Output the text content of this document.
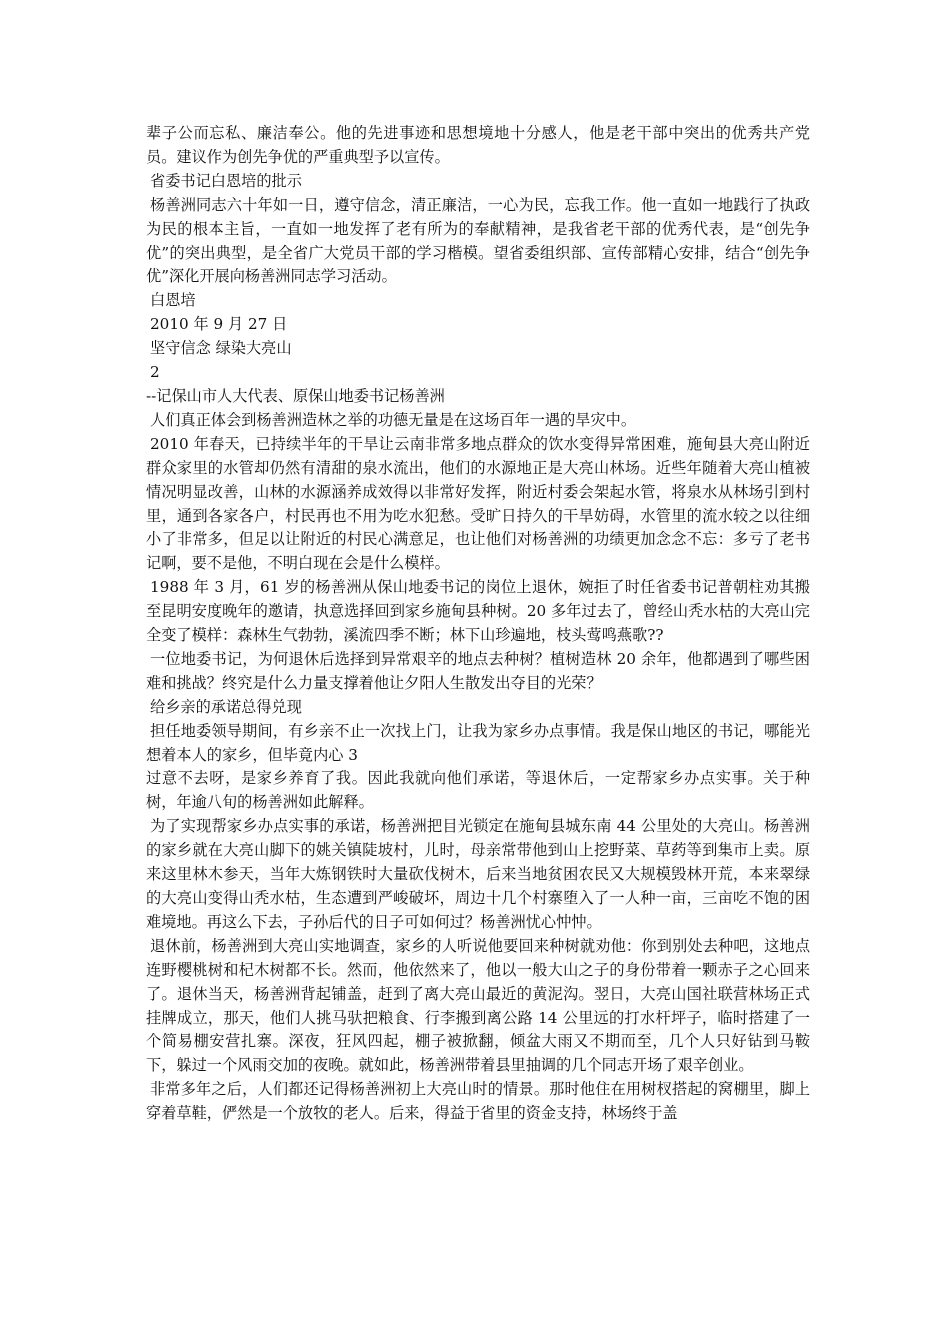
辈子公而忘私、廉洁奉公。他的先进事迹和思想境地十分感人，他是老干部中突出的优秀共产党员。建议作为创先争优的严重典型予以宣传。

省委书记白恩培的批示

杨善洲同志六十年如一日，遵守信念，清正廉洁，一心为民，忘我工作。他一直如一地践行了执政为民的根本主旨，一直如一地发挥了老有所为的奉献精神，是我省老干部的优秀代表，是“创先争优”的突出典型，是全省广大党员干部的学习楷模。望省委组织部、宣传部精心安排，结合“创先争优”深化开展向杨善洲同志学习活动。

白恩培

2010 年 9 月 27 日

坚守信念 绿染大亮山

2

--记保山市人大代表、原保山地委书记杨善洲

人们真正体会到杨善洲造林之举的功德无量是在这场百年一遇的旱灾中。

2010 年春天，已持续半年的干旱让云南非常多地点群众的饮水变得异常困难，施甸县大亮山附近群众家里的水管却仍然有清甜的泉水流出，他们的水源地正是大亮山林场。近些年随着大亮山植被情况明显改善，山林的水源涵养成效得以非常好发挥，附近村委会架起水管，将泉水从林场引到村里，通到各家各户，村民再也不用为吃水犯愁。受旷日持久的干旱妨碍，水管里的流水较之以往细小了非常多，但足以让附近的村民心满意足，也让他们对杨善洲的功绩更加念念不忘：多亏了老书记啊，要不是他，不明白现在会是什么模样。

1988 年 3 月，61 岁的杨善洲从保山地委书记的岗位上退休，婉拒了时任省委书记普朝柱劝其搬至昆明安度晚年的邀请，执意选择回到家乡施甸县种树。20 多年过去了，曾经山秃水枯的大亮山完全变了模样：森林生气勃勃，溪流四季不断；林下山珍遍地，枝头莺鸣燕歌??

一位地委书记，为何退休后选择到异常艰辛的地点去种树？植树造林 20 余年，他都遇到了哪些困难和挑战？终究是什么力量支撑着他让夕阳人生散发出夺目的光荣？

给乡亲的承诺总得兑现

担任地委领导期间，有乡亲不止一次找上门，让我为家乡办点事情。我是保山地区的书记，哪能光想着本人的家乡，但毕竟内心 3

过意不去呀，是家乡养育了我。因此我就向他们承诺，等退休后，一定帮家乡办点实事。关于种树，年逾八旬的杨善洲如此解释。

为了实现帮家乡办点实事的承诺，杨善洲把目光锁定在施甸县城东南 44 公里处的大亮山。杨善洲的家乡就在大亮山脚下的姚关镇陡坡村，儿时，母亲常带他到山上挖野菜、草药等到集市上卖。原来这里林木参天，当年大炼钢铁时大量砍伐树木，后来当地贫困农民又大规模毁林开荒，本来翠绿的大亮山变得山秃水枯，生态遭到严峻破坏，周边十几个村寨堕入了一人种一亩，三亩吃不饱的困难境地。再这么下去，子孙后代的日子可如何过？杨善洲忧心忡忡。

退休前，杨善洲到大亮山实地调查，家乡的人听说他要回来种树就劝他：你到别处去种吧，这地点连野樱桃树和杞木树都不长。然而，他依然来了，他以一般大山之子的身份带着一颗赤子之心回来了。退休当天，杨善洲背起铺盖，赶到了离大亮山最近的黄泥沟。翌日，大亮山国社联营林场正式挂牌成立，那天，他们人挑马驮把粮食、行李搬到离公路 14 公里远的打水杆坪子，临时搭建了一个简易棚安营扎寨。深夜，狂风四起，棚子被掀翻，倾盆大雨又不期而至，几个人只好钻到马鞍下，躲过一个风雨交加的夜晚。就如此，杨善洲带着县里抽调的几个同志开场了艰辛创业。

非常多年之后，人们都还记得杨善洲初上大亮山时的情景。那时他住在用树杈搭起的窝棚里，脚上穿着草鞋，俨然是一个放牧的老人。后来，得益于省里的资金支持，林场终于盖
